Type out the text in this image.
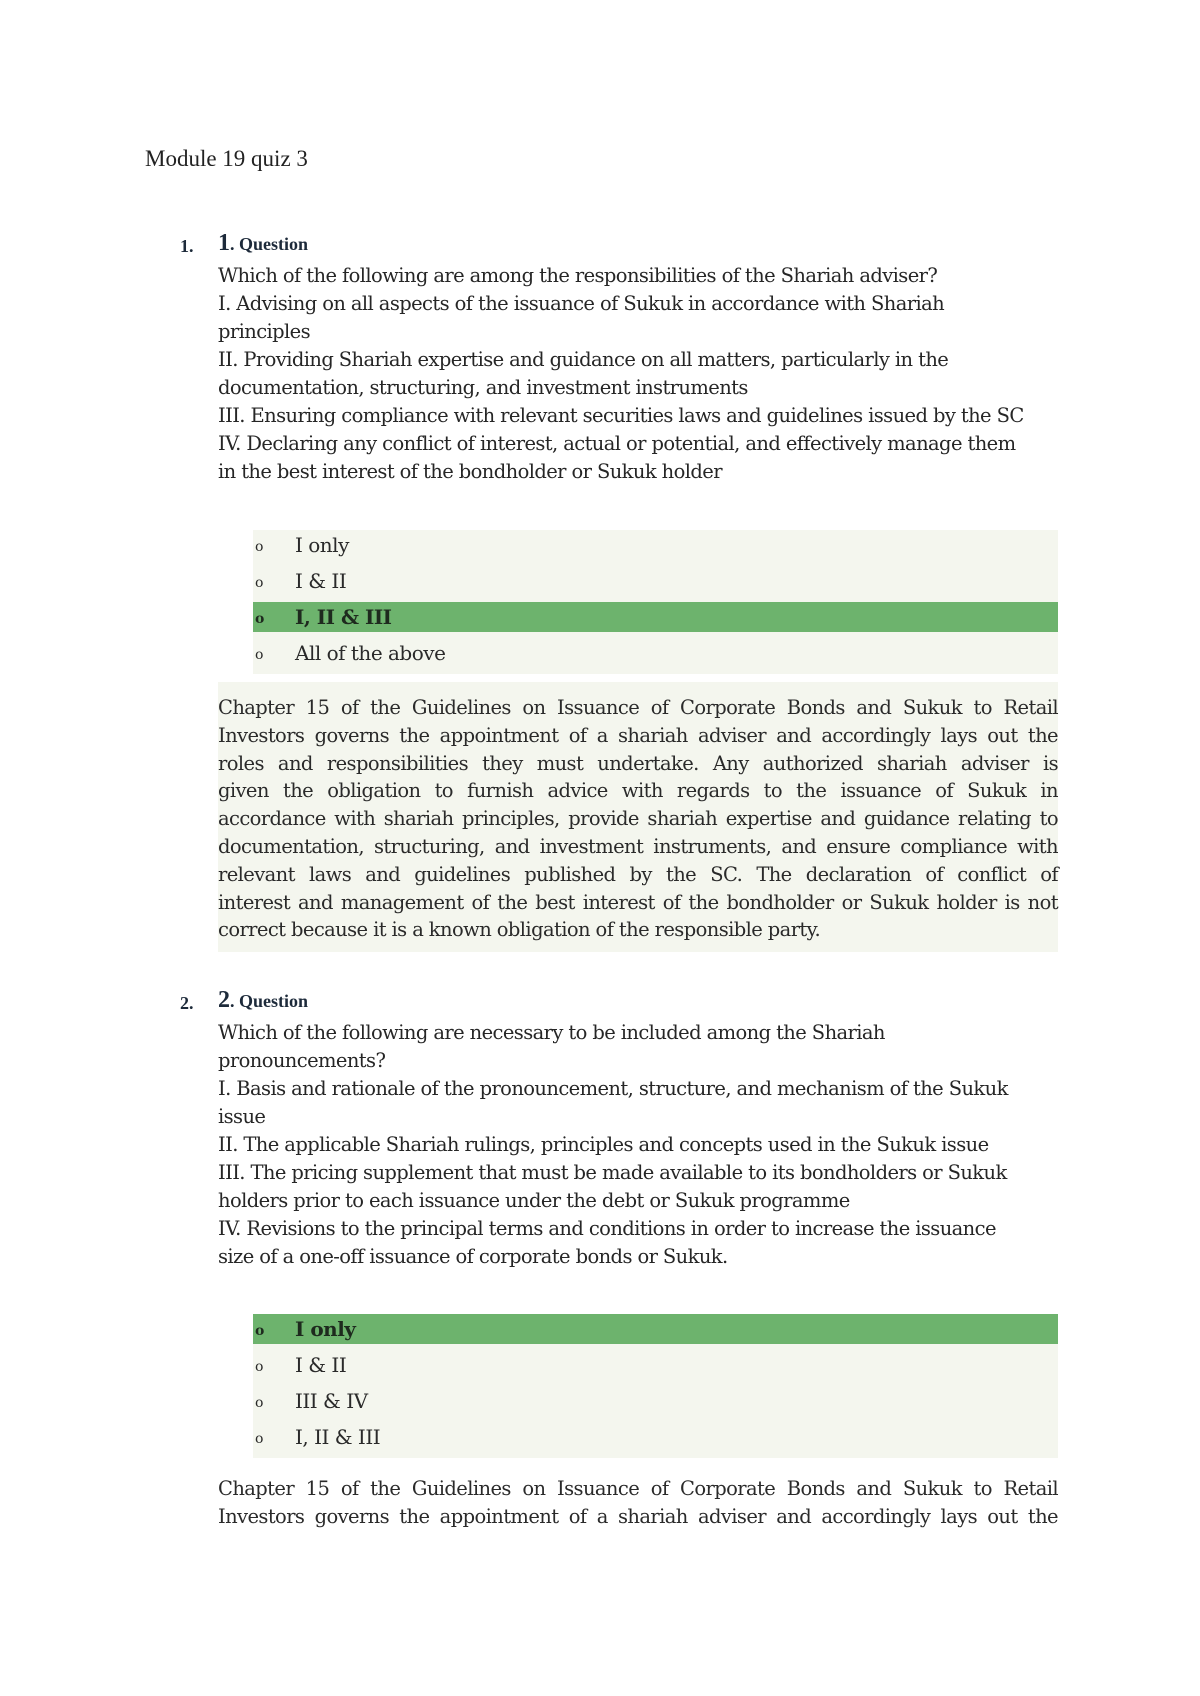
Module 19 quiz 3
1. 1. Question
Which of the following are among the responsibilities of the Shariah adviser?
I. Advising on all aspects of the issuance of Sukuk in accordance with Shariah
principles
II. Providing Shariah expertise and guidance on all matters, particularly in the
documentation, structuring, and investment instruments
III. Ensuring compliance with relevant securities laws and guidelines issued by the SC
IV. Declaring any conflict of interest, actual or potential, and effectively manage them
in the best interest of the bondholder or Sukuk holder
o I only
o I & II
o I, II & III
o All of the above
Chapter 15 of the Guidelines on Issuance of Corporate Bonds and Sukuk to Retail
Investors governs the appointment of a shariah adviser and accordingly lays out the
roles and responsibilities they must undertake. Any authorized shariah adviser is
given the obligation to furnish advice with regards to the issuance of Sukuk in
accordance with shariah principles, provide shariah expertise and guidance relating to
documentation, structuring, and investment instruments, and ensure compliance with
relevant laws and guidelines published by the SC. The declaration of conflict of
interest and management of the best interest of the bondholder or Sukuk holder is not
correct because it is a known obligation of the responsible party.
2. 2. Question
Which of the following are necessary to be included among the Shariah
pronouncements?
I. Basis and rationale of the pronouncement, structure, and mechanism of the Sukuk
issue
II. The applicable Shariah rulings, principles and concepts used in the Sukuk issue
III. The pricing supplement that must be made available to its bondholders or Sukuk
holders prior to each issuance under the debt or Sukuk programme
IV. Revisions to the principal terms and conditions in order to increase the issuance
size of a one-off issuance of corporate bonds or Sukuk.
o I only
o I & II
o III & IV
o I, II & III
Chapter 15 of the Guidelines on Issuance of Corporate Bonds and Sukuk to Retail
Investors governs the appointment of a shariah adviser and accordingly lays out the
